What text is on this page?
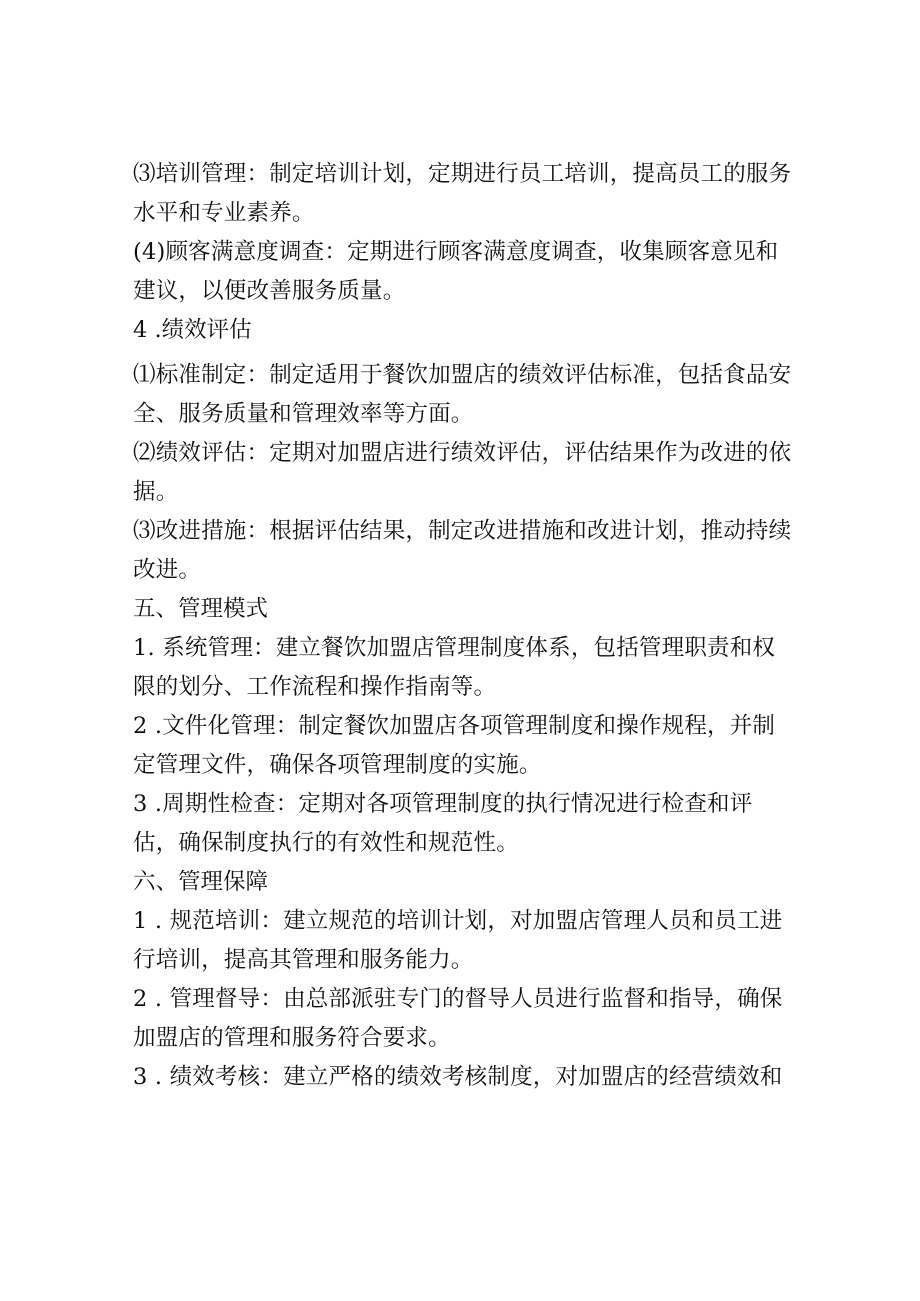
⑶培训管理：制定培训计划，定期进行员工培训，提高员工的服务水平和专业素养。

(4)顾客满意度调查：定期进行顾客满意度调查，收集顾客意见和建议，以便改善服务质量。

4 .绩效评估

⑴标准制定：制定适用于餐饮加盟店的绩效评估标准，包括食品安全、服务质量和管理效率等方面。

⑵绩效评估：定期对加盟店进行绩效评估，评估结果作为改进的依据。

⑶改进措施：根据评估结果，制定改进措施和改进计划，推动持续改进。

五、管理模式

1. 系统管理：建立餐饮加盟店管理制度体系，包括管理职责和权限的划分、工作流程和操作指南等。

2 .文件化管理：制定餐饮加盟店各项管理制度和操作规程，并制定管理文件，确保各项管理制度的实施。

3 .周期性检查：定期对各项管理制度的执行情况进行检查和评估，确保制度执行的有效性和规范性。

六、管理保障

1 . 规范培训：建立规范的培训计划，对加盟店管理人员和员工进行培训，提高其管理和服务能力。

2 . 管理督导：由总部派驻专门的督导人员进行监督和指导，确保加盟店的管理和服务符合要求。

3 . 绩效考核：建立严格的绩效考核制度，对加盟店的经营绩效和
